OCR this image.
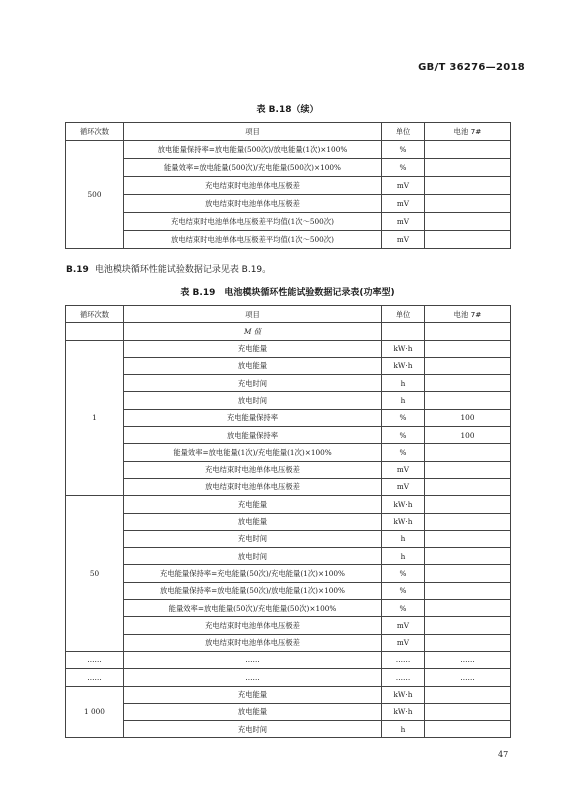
GB/T 36276—2018
表 B.18（续）
循环次数	项目	单位	电池 7#
500	放电能量保持率=放电能量(500次)/放电能量(1次)×100%	%	
	能量效率=放电能量(500次)/充电能量(500次)×100%	%	
	充电结束时电池单体电压极差	mV	
	放电结束时电池单体电压极差	mV	
	充电结束时电池单体电压极差平均值(1次～500次)	mV	
	放电结束时电池单体电压极差平均值(1次～500次)	mV	
B.19 电池模块循环性能试验数据记录见表 B.19。
表 B.19　电池模块循环性能试验数据记录表(功率型)
循环次数	项目	单位	电池 7#
	M 值		
1	充电能量	kW·h	
	放电能量	kW·h	
	充电时间	h	
	放电时间	h	
	充电能量保持率	%	100
	放电能量保持率	%	100
	能量效率=放电能量(1次)/充电能量(1次)×100%	%	
	充电结束时电池单体电压极差	mV	
	放电结束时电池单体电压极差	mV	
50	充电能量	kW·h	
	放电能量	kW·h	
	充电时间	h	
	放电时间	h	
	充电能量保持率=充电能量(50次)/充电能量(1次)×100%	%	
	放电能量保持率=放电能量(50次)/放电能量(1次)×100%	%	
	能量效率=放电能量(50次)/充电能量(50次)×100%	%	
	充电结束时电池单体电压极差	mV	
	放电结束时电池单体电压极差	mV	
……	……	……	……
……	……	……	……
1 000	充电能量	kW·h	
	放电能量	kW·h	
	充电时间	h	
47
